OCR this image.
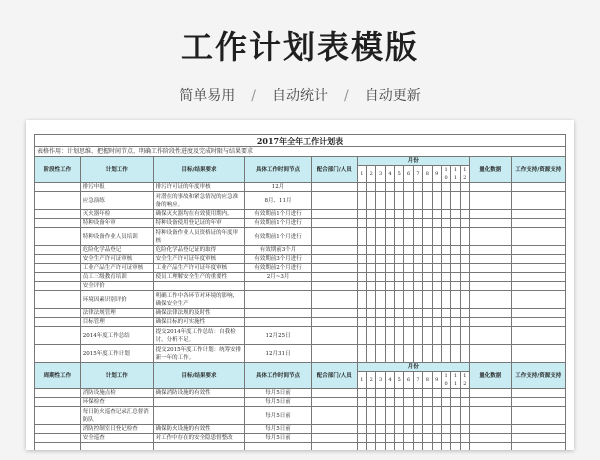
工作计划表模版
简单易用 / 自动统计 / 自动更新
2017年全年工作计划表																		
表格作用：计划思维、把握时间节点、明确工作阶段性进度及完成时限与结果要求																		
阶段性工作	计划工作	目标/结果要求	具体工作时间节点	配合部门/人员	月份												量化数据	工作支持/资源支持
					1	2	3	4	5	6	7	8	9	10	11	12		
	排污申报	排污许可证的年度审核	12月															
	应急演练	对潜在的事故和紧急情况的应急准备的响应。	8月、11月															
	灭火器年检	确保灭火器均在有效使用期内。	有效期前1个月进行															
	特种设备年审	特种设备使用登记证的年审	有效期前1个月进行															
	特种设备作业人员培训	特种设备作业人员资格证的年度审核	有效期前1个月进行															
	危险化学品登记	危险化学品登记证的取得	有效期前3个月															
	安全生产许可证审核	安全生产许可证年度审核	有效期前3个月进行															
	工业产品生产许可证审核	工业产品生产许可证年度审核	有效期前2个月进行															
	员工三级教育培训	使员工理解安全生产的重要性	2月~3月															
	安全评价																	
	环境因素识别评价	明确工作中各环节对环境的影响，确保安全生产																
	法律法规管理	确保法律法规的及时性																
	目标管理	确保目标的可实施性																
	2014年度工作总结	提交2014年度工作总结：自我检讨，分析不足。	12月25日															
	2015年度工作计划	提交2015年度工作计划：统筹安排新一年的工作。	12月31日															
周期性工作	计划工作	目标/结果要求	具体工作时间节点	配合部门/人员	月份												量化数据	工作支持/资源支持
					1	2	3	4	5	6	7	8	9	10	11	12		
	消防设施点检	确保消防设施的有效性	每月5日前															
	环保检查		每月5日前															
	每日防火巡查记录汇总督消防队		每月5日前															
	消防控制室日登记检查	确保防火设施的有效性	每月5日前															
	安全巡查	对工作中存在的安全隐患督整改	每月5日前															
